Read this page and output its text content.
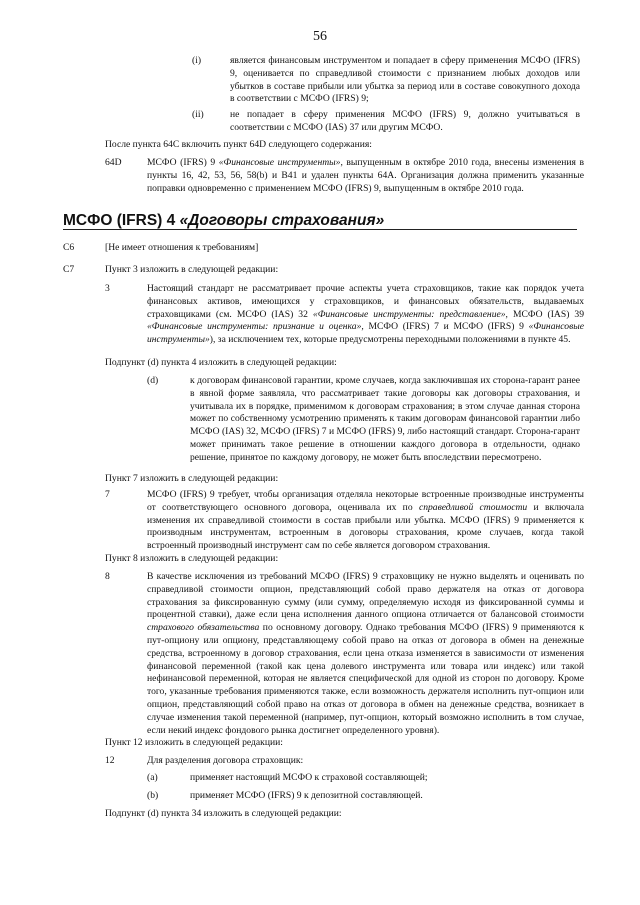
56
(i)	является финансовым инструментом и попадает в сферу применения МСФО (IFRS) 9, оценивается по справедливой стоимости с признанием любых доходов или убытков в составе прибыли или убытка за период или в составе совокупного дохода в соответствии с МСФО (IFRS) 9;

(ii)	не попадает в сферу применения МСФО (IFRS) 9, должно учитываться в соответствии с МСФО (IAS) 37 или другим МСФО.

После пункта 64С включить пункт 64D следующего содержания:

64D	МСФО (IFRS) 9 «Финансовые инструменты», выпущенным в октябре 2010 года, внесены изменения в пункты 16, 42, 53, 56, 58(b) и B41 и удален пункты 64А. Организация должна применить указанные поправки одновременно с применением МСФО (IFRS) 9, выпущенным в октябре 2010 года.

МСФО (IFRS) 4 «Договоры страхования»
C6	[Не имеет отношения к требованиям]

C7	Пункт 3 изложить в следующей редакции:

3	Настоящий стандарт не рассматривает прочие аспекты учета страховщиков, такие как порядок учета финансовых активов, имеющихся у страховщиков, и финансовых обязательств, выдаваемых страховщиками (см. МСФО (IAS) 32 «Финансовые инструменты: представление», МСФО (IAS) 39 «Финансовые инструменты: признание и оценка», МСФО (IFRS) 7 и МСФО (IFRS) 9 «Финансовые инструменты»), за исключением тех, которые предусмотрены переходными положениями в пункте 45.

Подпункт (d) пункта 4 изложить в следующей редакции:

(d)	к договорам финансовой гарантии, кроме случаев, когда заключившая их сторона-гарант ранее в явной форме заявляла, что рассматривает такие договоры как договоры страхования, и учитывала их в порядке, применимом к договорам страхования; в этом случае данная сторона может по собственному усмотрению применять к таким договорам финансовой гарантии либо МСФО (IAS) 32, МСФО (IFRS) 7 и МСФО (IFRS) 9, либо настоящий стандарт. Сторона-гарант может принимать такое решение в отношении каждого договора в отдельности, однако решение, принятое по каждому договору, не может быть впоследствии пересмотрено.

Пункт 7 изложить в следующей редакции:

7	МСФО (IFRS) 9 требует, чтобы организация отделяла некоторые встроенные производные инструменты от соответствующего основного договора, оценивала их по справедливой стоимости и включала изменения их справедливой стоимости в состав прибыли или убытка. МСФО (IFRS) 9 применяется к производным инструментам, встроенным в договоры страхования, кроме случаев, когда такой встроенный производный инструмент сам по себе является договором страхования.

Пункт 8 изложить в следующей редакции:

8	В качестве исключения из требований МСФО (IFRS) 9 страховщику не нужно выделять и оценивать по справедливой стоимости опцион, представляющий собой право держателя на отказ от договора страхования за фиксированную сумму (или сумму, определяемую исходя из фиксированной суммы и процентной ставки), даже если цена исполнения данного опциона отличается от балансовой стоимости страхового обязательства по основному договору. Однако требования МСФО (IFRS) 9 применяются к пут-опциону или опциону, представляющему собой право на отказ от договора в обмен на денежные средства, встроенному в договор страхования, если цена отказа изменяется в зависимости от изменения финансовой переменной (такой как цена долевого инструмента или товара или индекс) или такой нефинансовой переменной, которая не является специфической для одной из сторон по договору. Кроме того, указанные требования применяются также, если возможность держателя исполнить пут-опцион или опцион, представляющий собой право на отказ от договора в обмен на денежные средства, возникает в случае изменения такой переменной (например, пут-опцион, который возможно исполнить в том случае, если некий индекс фондового рынка достигнет определенного уровня).

Пункт 12 изложить в следующей редакции:

12	Для разделения договора страховщик:

(a)	применяет настоящий МСФО к страховой составляющей;

(b)	применяет МСФО (IFRS) 9 к депозитной составляющей.

Подпункт (d) пункта 34 изложить в следующей редакции:
